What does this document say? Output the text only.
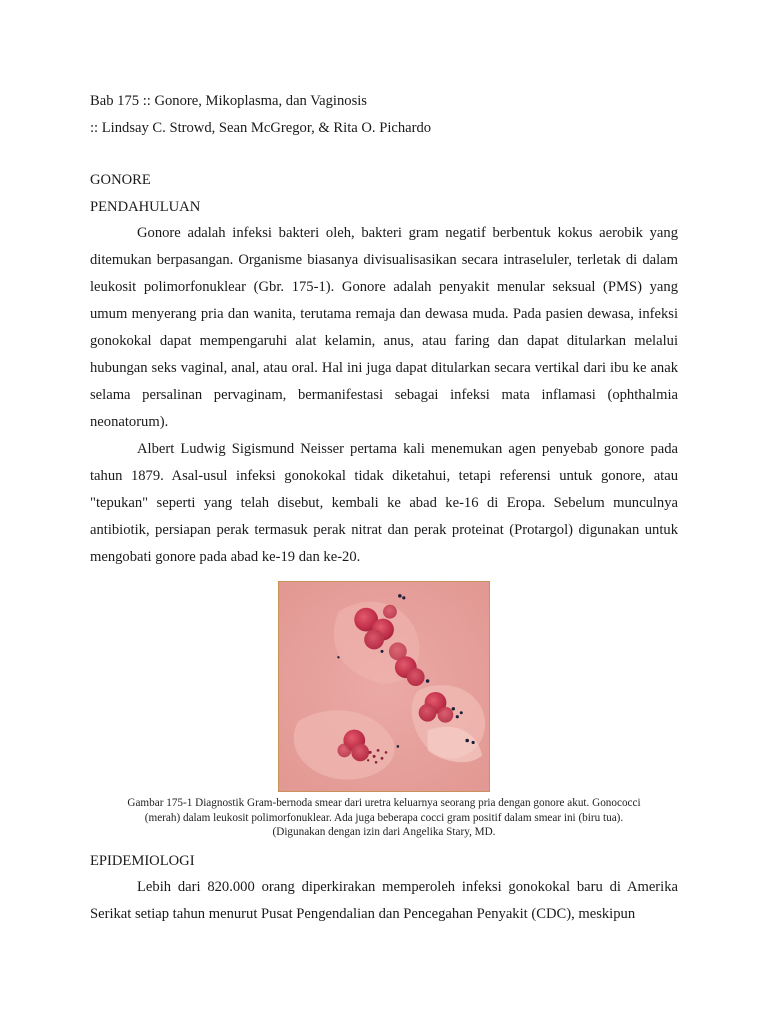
Bab 175 :: Gonore, Mikoplasma, dan Vaginosis
:: Lindsay C. Strowd, Sean McGregor, & Rita O. Pichardo
GONORE
PENDAHULUAN

Gonore adalah infeksi bakteri oleh, bakteri gram negatif berbentuk kokus aerobik yang ditemukan berpasangan. Organisme biasanya divisualisasikan secara intraseluler, terletak di dalam leukosit polimorfonuklear (Gbr. 175-1). Gonore adalah penyakit menular seksual (PMS) yang umum menyerang pria dan wanita, terutama remaja dan dewasa muda. Pada pasien dewasa, infeksi gonokokal dapat mempengaruhi alat kelamin, anus, atau faring dan dapat ditularkan melalui hubungan seks vaginal, anal, atau oral. Hal ini juga dapat ditularkan secara vertikal dari ibu ke anak selama persalinan pervaginam, bermanifestasi sebagai infeksi mata inflamasi (ophthalmia neonatorum).

Albert Ludwig Sigismund Neisser pertama kali menemukan agen penyebab gonore pada tahun 1879. Asal-usul infeksi gonokokal tidak diketahui, tetapi referensi untuk gonore, atau "tepukan" seperti yang telah disebut, kembali ke abad ke-16 di Eropa. Sebelum munculnya antibiotik, persiapan perak termasuk perak nitrat dan perak proteinat (Protargol) digunakan untuk mengobati gonore pada abad ke-19 dan ke-20.

Gambar 175-1 Diagnostik Gram-bernoda smear dari uretra keluarnya seorang pria dengan gonore akut. Gonococci
(merah) dalam leukosit polimorfonuklear. Ada juga beberapa cocci gram positif dalam smear ini (biru tua).
(Digunakan dengan izin dari Angelika Stary, MD.
EPIDEMIOLOGI

Lebih dari 820.000 orang diperkirakan memperoleh infeksi gonokokal baru di Amerika Serikat setiap tahun menurut Pusat Pengendalian dan Pencegahan Penyakit (CDC), meskipun
